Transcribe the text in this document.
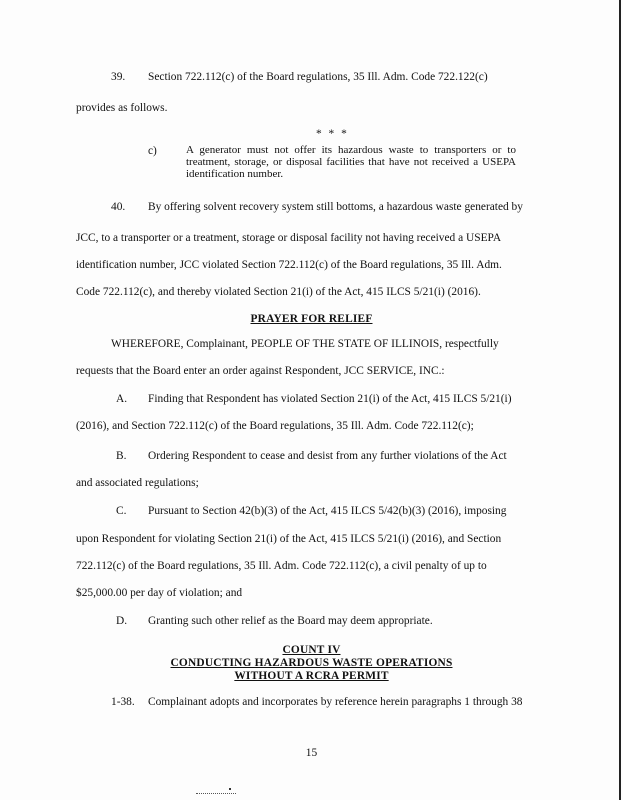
39. Section 722.112(c) of the Board regulations, 35 Ill. Adm. Code 722.122(c)
provides as follows.
* * *
c)	A generator must not offer its hazardous waste to transporters or to treatment, storage, or disposal facilities that have not received a USEPA identification number.
40. By offering solvent recovery system still bottoms, a hazardous waste generated by
JCC, to a transporter or a treatment, storage or disposal facility not having received a USEPA
identification number, JCC violated Section 722.112(c) of the Board regulations, 35 Ill. Adm.
Code 722.112(c), and thereby violated Section 21(i) of the Act, 415 ILCS 5/21(i) (2016).
PRAYER FOR RELIEF
WHEREFORE, Complainant, PEOPLE OF THE STATE OF ILLINOIS, respectfully
requests that the Board enter an order against Respondent, JCC SERVICE, INC.:
A. Finding that Respondent has violated Section 21(i) of the Act, 415 ILCS 5/21(i)
(2016), and Section 722.112(c) of the Board regulations, 35 Ill. Adm. Code 722.112(c);
B. Ordering Respondent to cease and desist from any further violations of the Act
and associated regulations;
C. Pursuant to Section 42(b)(3) of the Act, 415 ILCS 5/42(b)(3) (2016), imposing
upon Respondent for violating Section 21(i) of the Act, 415 ILCS 5/21(i) (2016), and Section
722.112(c) of the Board regulations, 35 Ill. Adm. Code 722.112(c), a civil penalty of up to
$25,000.00 per day of violation; and
D. Granting such other relief as the Board may deem appropriate.
COUNT IV
CONDUCTING HAZARDOUS WASTE OPERATIONS
WITHOUT A RCRA PERMIT
1-38. Complainant adopts and incorporates by reference herein paragraphs 1 through 38
15
